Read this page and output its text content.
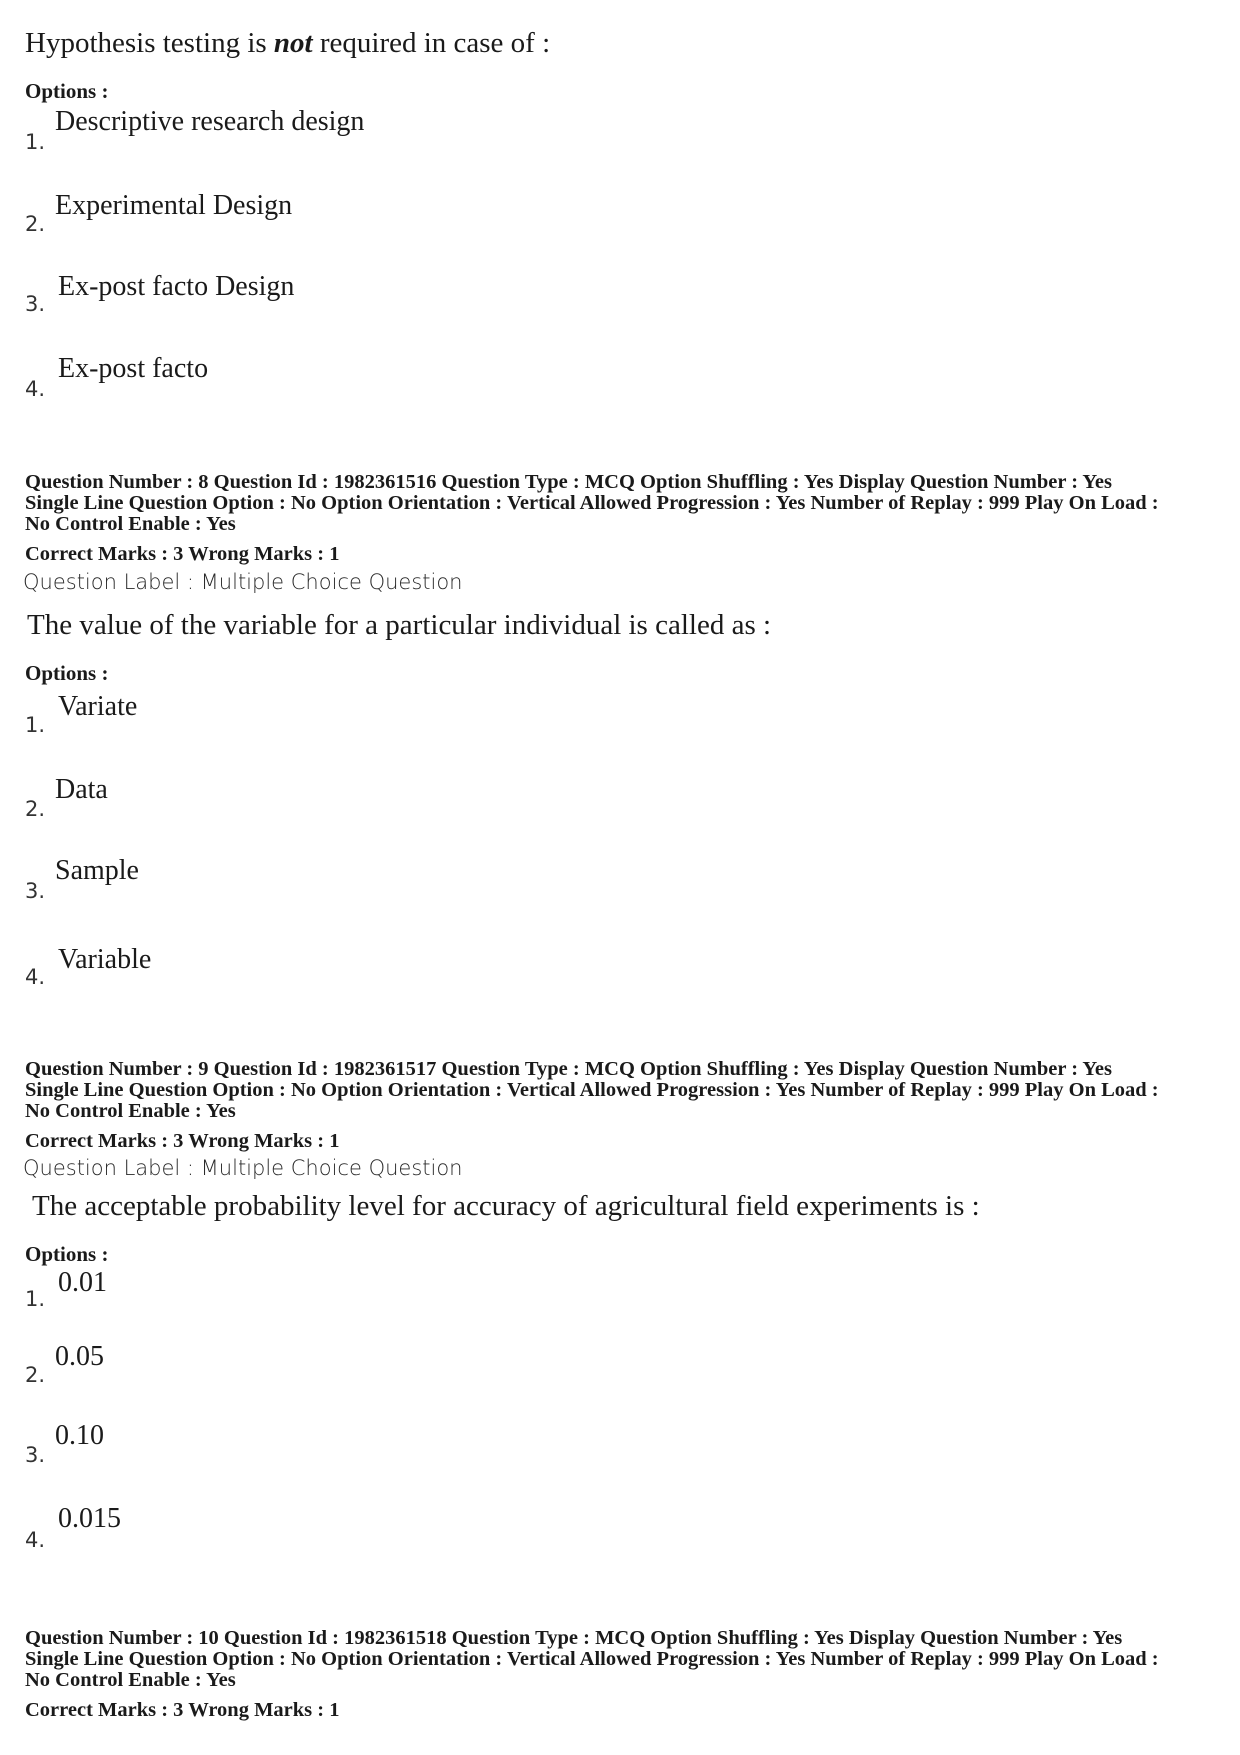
Hypothesis testing is not required in case of :
Options :
1.
Descriptive research design
2.
Experimental Design
3.
Ex-post facto Design
4.
Ex-post facto
Question Number : 8 Question Id : 1982361516 Question Type : MCQ Option Shuffling : Yes Display Question Number : Yes
Single Line Question Option : No Option Orientation : Vertical Allowed Progression : Yes Number of Replay : 999 Play On Load :
No Control Enable : Yes
Correct Marks : 3 Wrong Marks : 1
Question Label : Multiple Choice Question
The value of the variable for a particular individual is called as :
Options :
1.
Variate
2.
Data
3.
Sample
4.
Variable
Question Number : 9 Question Id : 1982361517 Question Type : MCQ Option Shuffling : Yes Display Question Number : Yes
Single Line Question Option : No Option Orientation : Vertical Allowed Progression : Yes Number of Replay : 999 Play On Load :
No Control Enable : Yes
Correct Marks : 3 Wrong Marks : 1
Question Label : Multiple Choice Question
The acceptable probability level for accuracy of agricultural field experiments is :
Options :
1.
0.01
2.
0.05
3.
0.10
4.
0.015
Question Number : 10 Question Id : 1982361518 Question Type : MCQ Option Shuffling : Yes Display Question Number : Yes
Single Line Question Option : No Option Orientation : Vertical Allowed Progression : Yes Number of Replay : 999 Play On Load :
No Control Enable : Yes
Correct Marks : 3 Wrong Marks : 1
